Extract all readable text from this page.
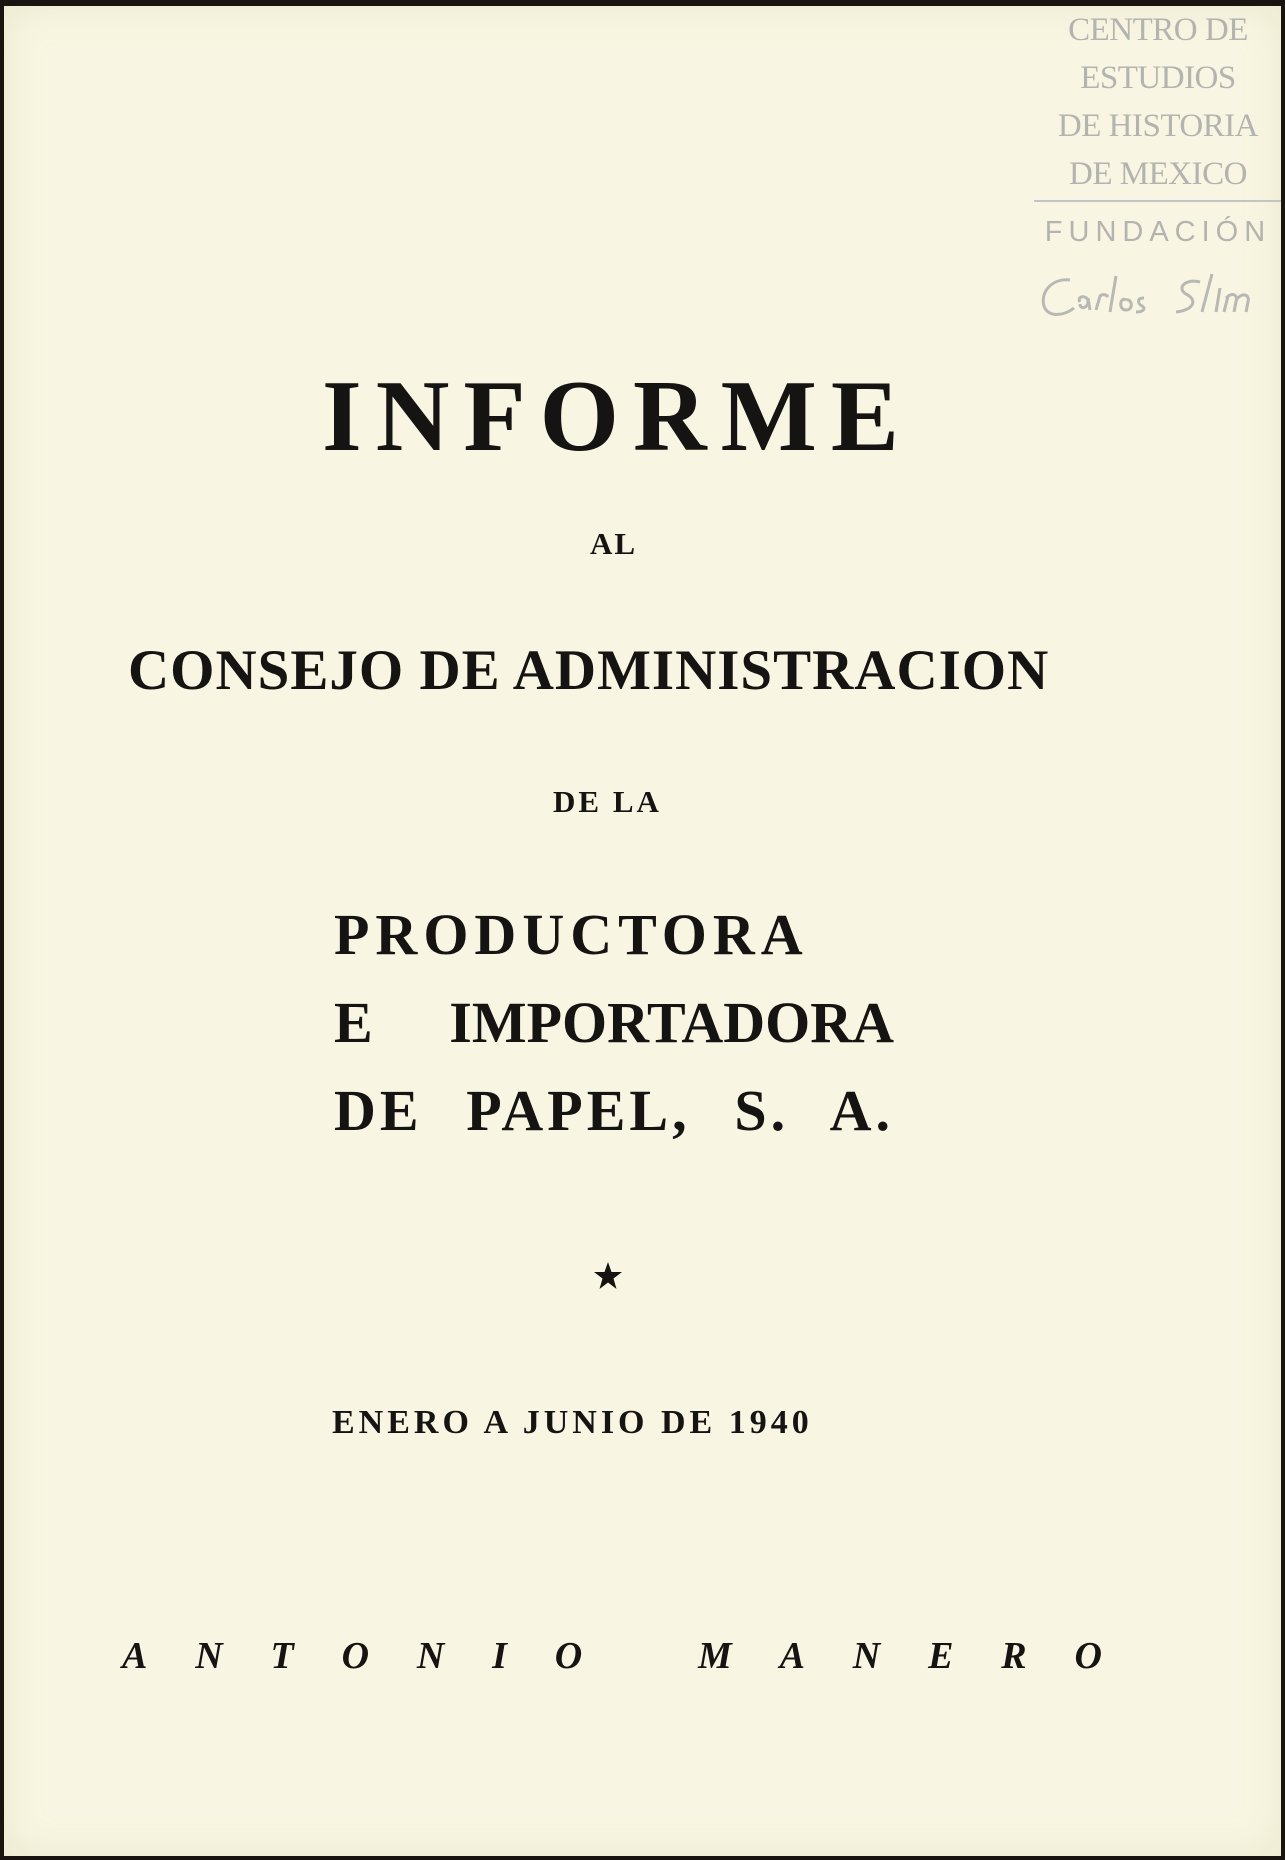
CENTRO DE
ESTUDIOS
DE HISTORIA
DE MEXICO
FUNDACIÓN
INFORME
AL
CONSEJO DE ADMINISTRACION
DE LA
PRODUCTORA
E IMPORTADORA
DE PAPEL, S. A.
ENERO A JUNIO DE 1940
A N T O N I O	M A N E R O
